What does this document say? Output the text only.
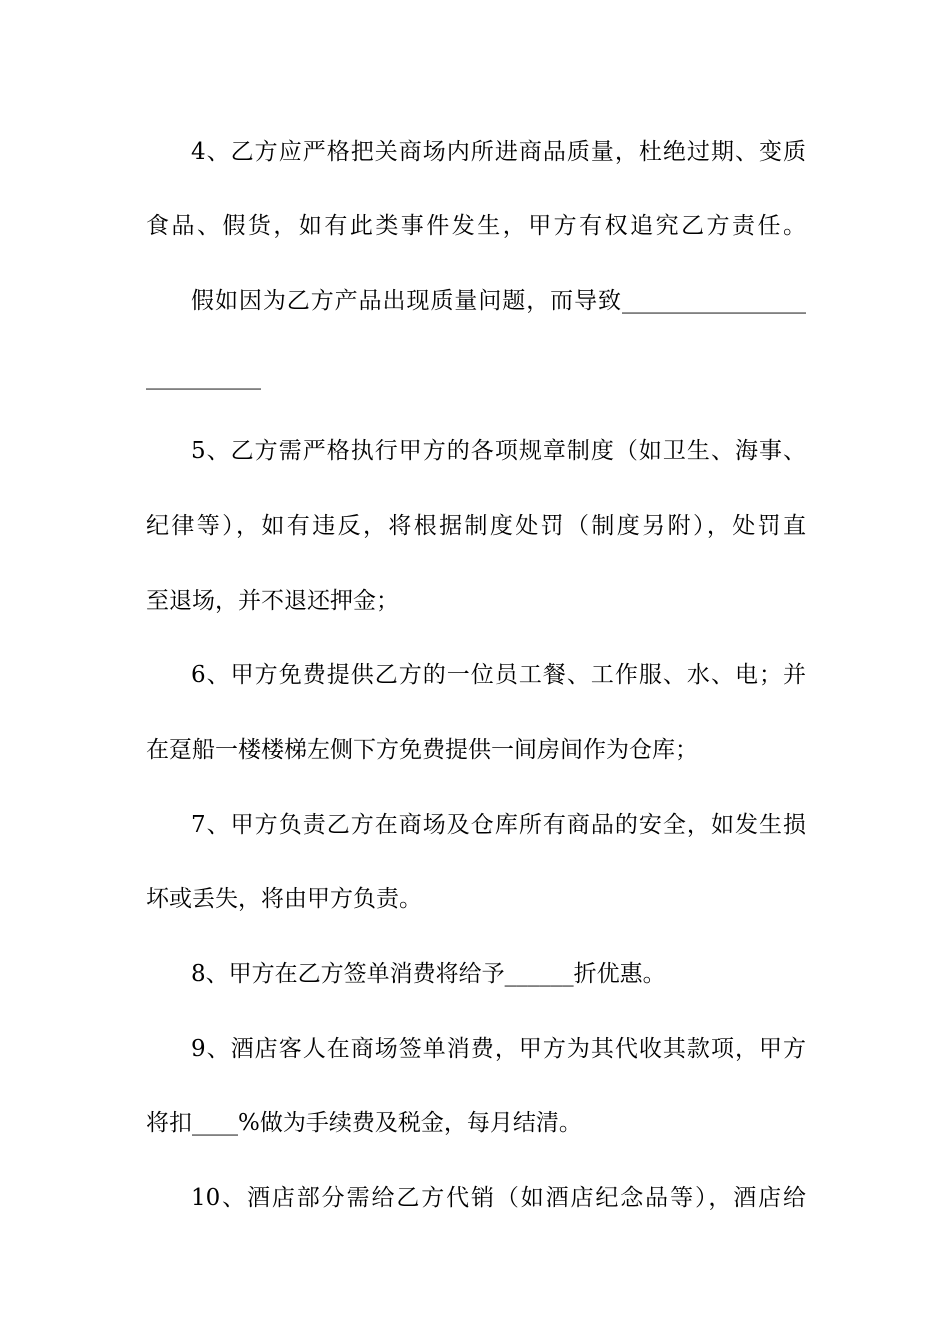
4、乙方应严格把关商场内所进商品质量，杜绝过期、变质
食品、假货，如有此类事件发生，甲方有权追究乙方责任。
假如因为乙方产品出现质量问题，而导致________________
__________
5、乙方需严格执行甲方的各项规章制度（如卫生、海事、
纪律等），如有违反，将根据制度处罚（制度另附），处罚直
至退场，并不退还押金；
6、甲方免费提供乙方的一位员工餐、工作服、水、电；并
在趸船一楼楼梯左侧下方免费提供一间房间作为仓库；
7、甲方负责乙方在商场及仓库所有商品的安全，如发生损
坏或丢失，将由甲方负责。
8、甲方在乙方签单消费将给予______折优惠。
9、酒店客人在商场签单消费，甲方为其代收其款项，甲方
将扣____%做为手续费及税金，每月结清。
10、酒店部分需给乙方代销（如酒店纪念品等），酒店给
